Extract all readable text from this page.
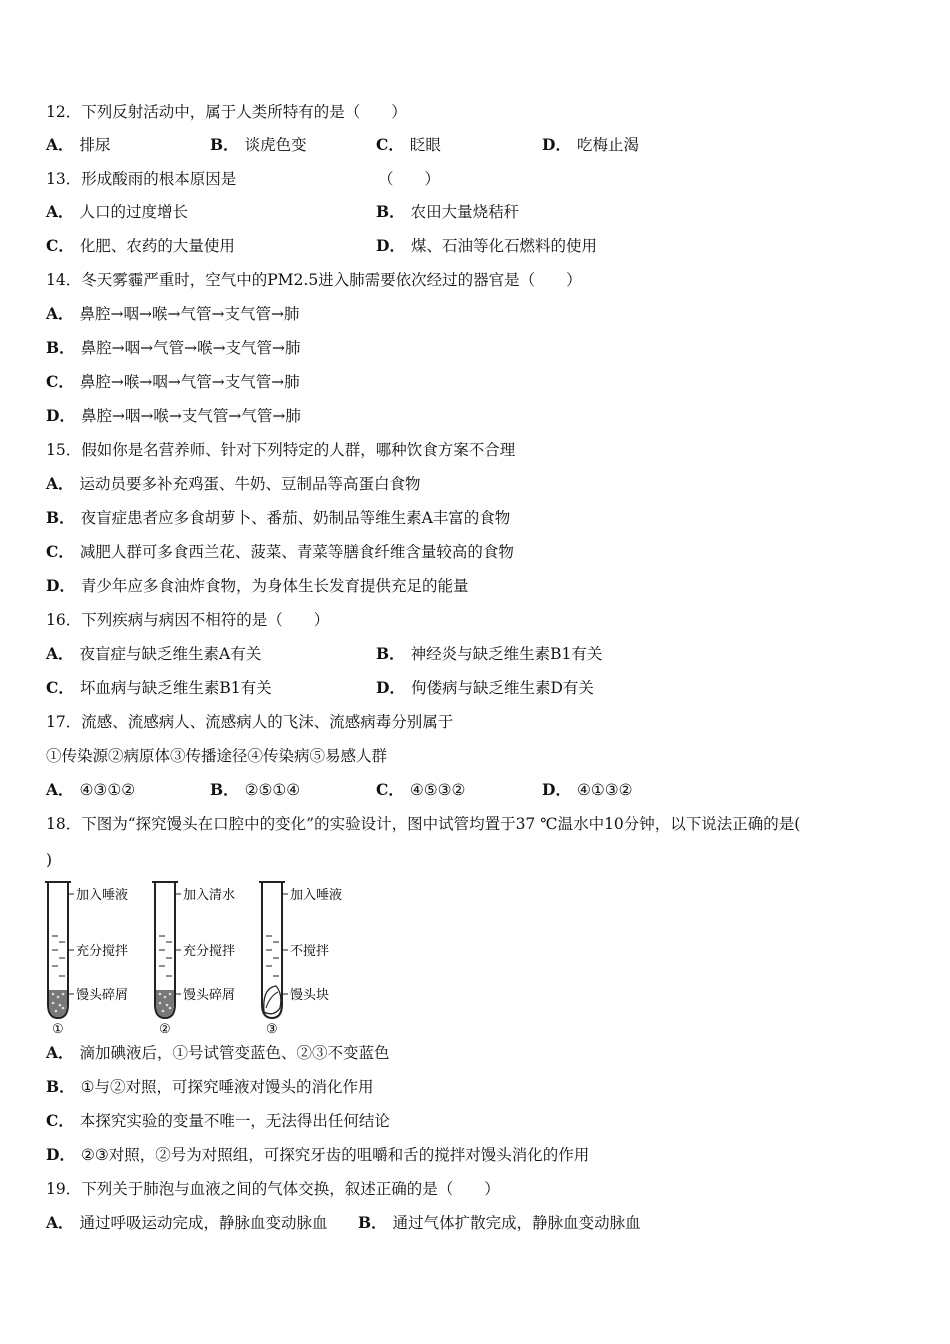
12．下列反射活动中，属于人类所特有的是（　　）
A． 排尿	B． 谈虎色变	C． 眨眼	D． 吃梅止渴
13．形成酸雨的根本原因是	（　　）
A． 人口的过度增长	B． 农田大量烧秸秆
C． 化肥、农药的大量使用	D． 煤、石油等化石燃料的使用
14．冬天雾霾严重时，空气中的PM2.5进入肺需要依次经过的器官是（　　）
A． 鼻腔→咽→喉→气管→支气管→肺
B． 鼻腔→咽→气管→喉→支气管→肺
C． 鼻腔→喉→咽→气管→支气管→肺
D． 鼻腔→咽→喉→支气管→气管→肺
15．假如你是名营养师、针对下列特定的人群，哪种饮食方案不合理
A． 运动员要多补充鸡蛋、牛奶、豆制品等高蛋白食物
B． 夜盲症患者应多食胡萝卜、番茄、奶制品等维生素A丰富的食物
C． 减肥人群可多食西兰花、菠菜、青菜等膳食纤维含量较高的食物
D． 青少年应多食油炸食物，为身体生长发育提供充足的能量
16．下列疾病与病因不相符的是（　　）
A． 夜盲症与缺乏维生素A有关	B． 神经炎与缺乏维生素B1有关
C． 坏血病与缺乏维生素B1有关	D． 佝偻病与缺乏维生素D有关
17．流感、流感病人、流感病人的飞沫、流感病毒分别属于
①传染源②病原体③传播途径④传染病⑤易感人群
A． ④③①②	B． ②⑤①④	C． ④⑤③②	D． ④①③②
18．下图为“探究馒头在口腔中的变化”的实验设计，图中试管均置于37 ℃温水中10分钟，以下说法正确的是(
)
加入唾液
充分搅拌
馒头碎屑
①
加入清水
充分搅拌
馒头碎屑
②
加入唾液
不搅拌
馒头块
③
A． 滴加碘液后，①号试管变蓝色、②③不变蓝色
B． ①与②对照，可探究唾液对馒头的消化作用
C． 本探究实验的变量不唯一，无法得出任何结论
D． ②③对照，②号为对照组，可探究牙齿的咀嚼和舌的搅拌对馒头消化的作用
19．下列关于肺泡与血液之间的气体交换，叙述正确的是（　　）
A． 通过呼吸运动完成，静脉血变动脉血 B． 通过气体扩散完成，静脉血变动脉血
